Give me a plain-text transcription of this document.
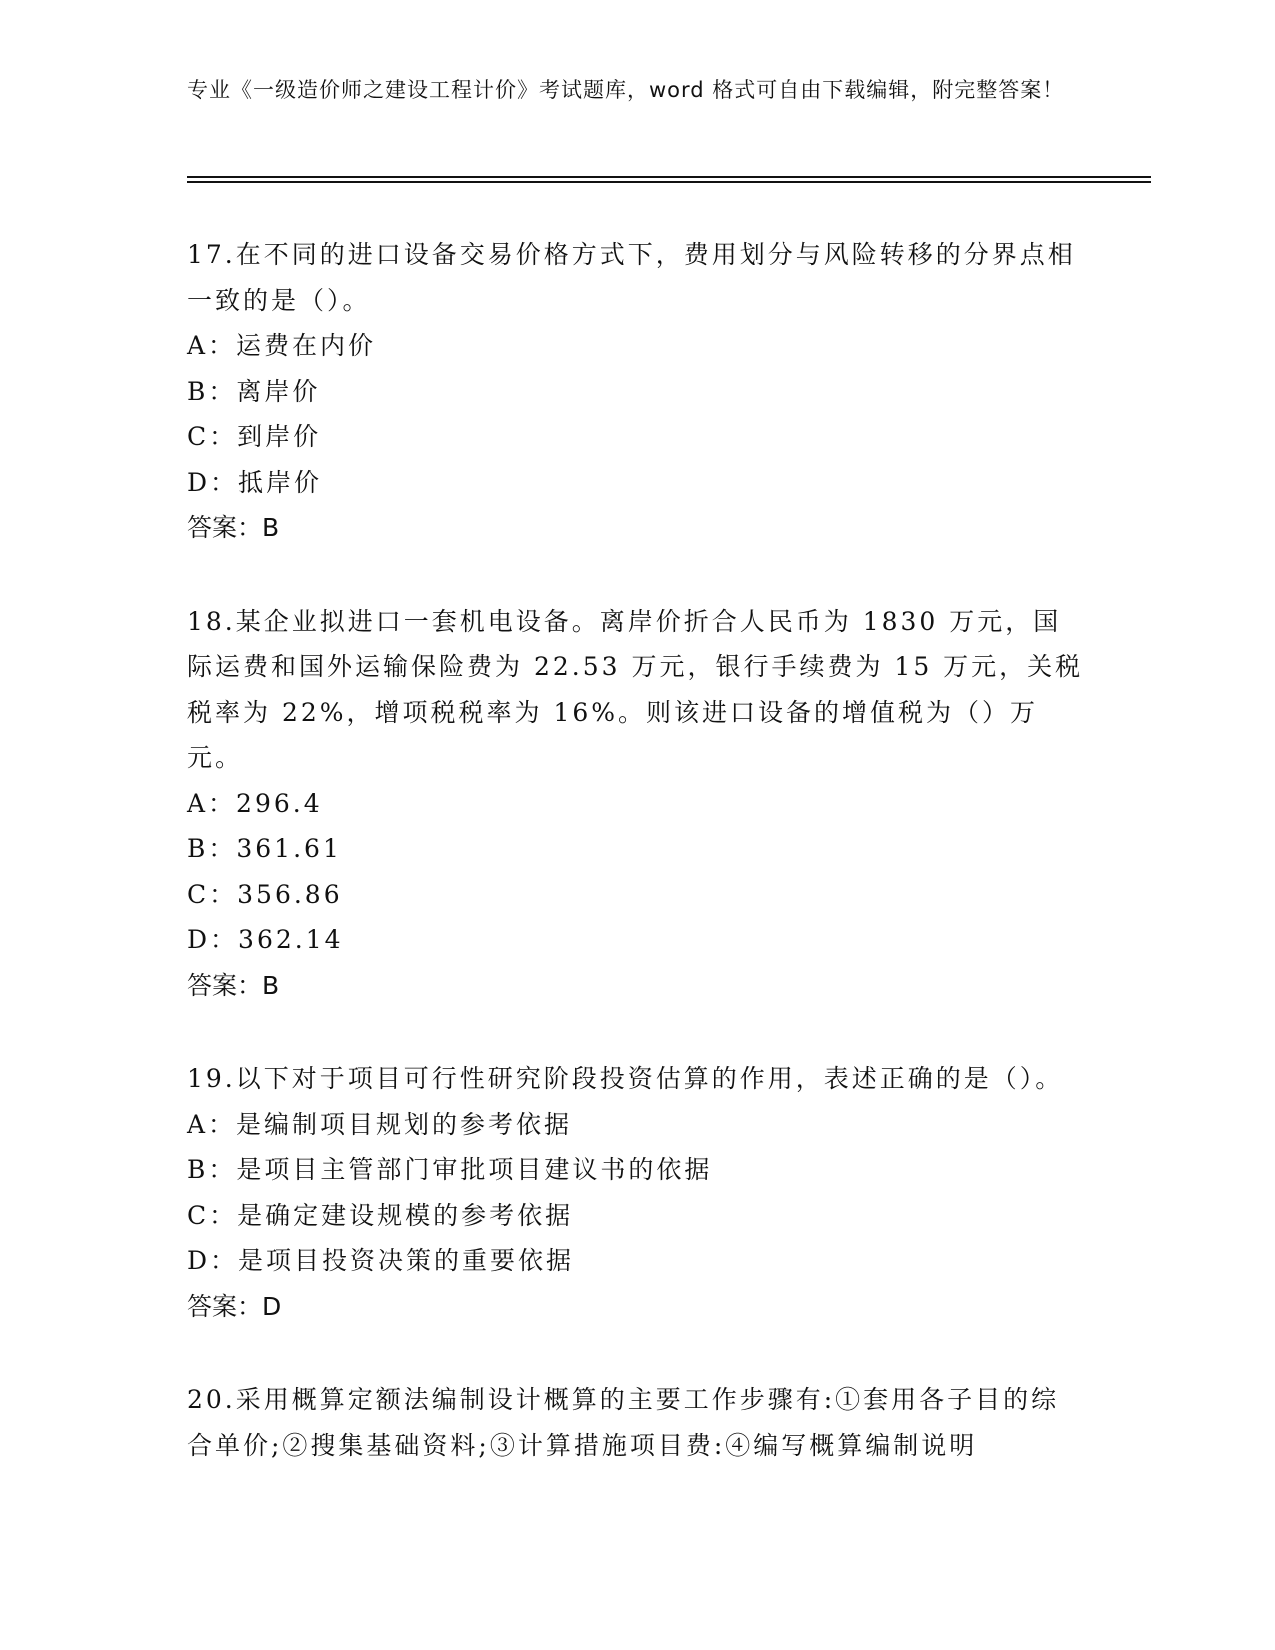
专业《一级造价师之建设工程计价》考试题库，word 格式可自由下载编辑，附完整答案！

17.在不同的进口设备交易价格方式下，费用划分与风险转移的分界点相一致的是（）。

A：运费在内价

B：离岸价

C：到岸价

D：抵岸价

答案：B

18.某企业拟进口一套机电设备。离岸价折合人民币为 1830 万元，国际运费和国外运输保险费为 22.53 万元，银行手续费为 15 万元，关税税率为 22%，增项税税率为 16%。则该进口设备的增值税为（）万元。

A：296.4

B：361.61

C：356.86

D：362.14

答案：B

19.以下对于项目可行性研究阶段投资估算的作用，表述正确的是（）。

A：是编制项目规划的参考依据

B：是项目主管部门审批项目建议书的依据

C：是确定建设规模的参考依据

D：是项目投资决策的重要依据

答案：D

20.采用概算定额法编制设计概算的主要工作步骤有:①套用各子目的综合单价;②搜集基础资料;③计算措施项目费:④编写概算编制说明
